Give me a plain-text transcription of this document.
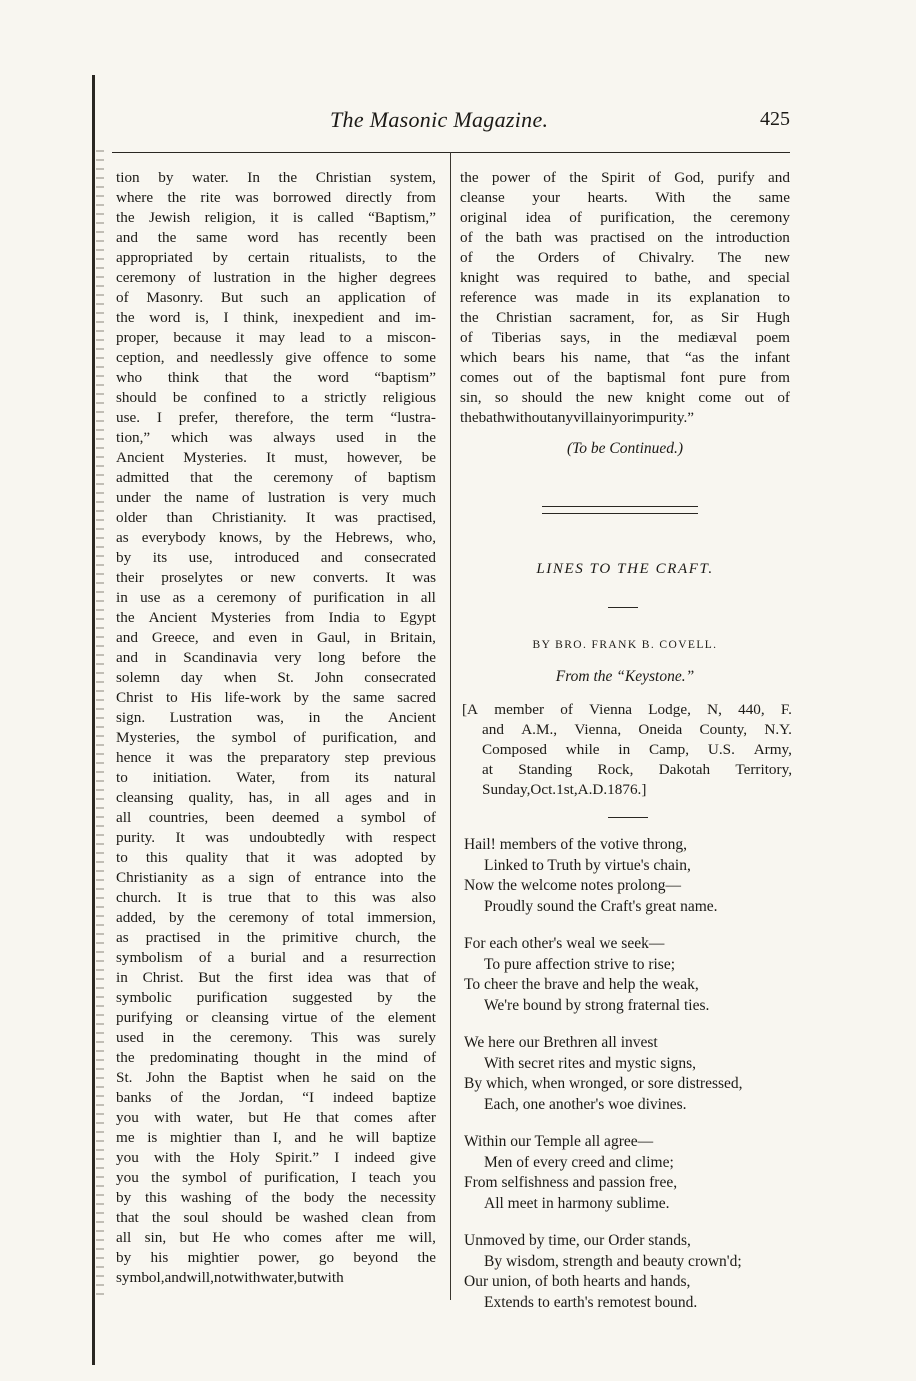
The Masonic Magazine.	425
tion by water. In the Christian system,
where the rite was borrowed directly from
the Jewish religion, it is called “Baptism,”
and the same word has recently been
appropriated by certain ritualists, to the
ceremony of lustration in the higher degrees
of Masonry. But such an application of
the word is, I think, inexpedient and im-
proper, because it may lead to a miscon-
ception, and needlessly give offence to some
who think that the word “baptism”
should be confined to a strictly religious
use. I prefer, therefore, the term “lustra-
tion,” which was always used in the
Ancient Mysteries. It must, however, be
admitted that the ceremony of baptism
under the name of lustration is very much
older than Christianity. It was practised,
as everybody knows, by the Hebrews, who,
by its use, introduced and consecrated
their proselytes or new converts. It was
in use as a ceremony of purification in all
the Ancient Mysteries from India to Egypt
and Greece, and even in Gaul, in Britain,
and in Scandinavia very long before the
solemn day when St. John consecrated
Christ to His life-work by the same sacred
sign. Lustration was, in the Ancient
Mysteries, the symbol of purification, and
hence it was the preparatory step previous
to initiation. Water, from its natural
cleansing quality, has, in all ages and in
all countries, been deemed a symbol of
purity. It was undoubtedly with respect
to this quality that it was adopted by
Christianity as a sign of entrance into the
church. It is true that to this was also
added, by the ceremony of total immersion,
as practised in the primitive church, the
symbolism of a burial and a resurrection
in Christ. But the first idea was that of
symbolic purification suggested by the
purifying or cleansing virtue of the element
used in the ceremony. This was surely
the predominating thought in the mind of
St. John the Baptist when he said on the
banks of the Jordan, “I indeed baptize
you with water, but He that comes after
me is mightier than I, and he will baptize
you with the Holy Spirit.” I indeed give
you the symbol of purification, I teach you
by this washing of the body the necessity
that the soul should be washed clean from
all sin, but He who comes after me will,
by his mightier power, go beyond the
symbol, and will, not with water, but with
the power of the Spirit of God, purify and
cleanse your hearts. With the same
original idea of purification, the ceremony
of the bath was practised on the introduction
of the Orders of Chivalry. The new
knight was required to bathe, and special
reference was made in its explanation to
the Christian sacrament, for, as Sir Hugh
of Tiberias says, in the mediæval poem
which bears his name, that “as the infant
comes out of the baptismal font pure from
sin, so should the new knight come out of
the bath without any villainy or impurity.”
(To be Continued.)
LINES TO THE CRAFT.
BY BRO. FRANK B. COVELL.
From the “Keystone.”
[A member of Vienna Lodge, N, 440, F.
and A.M., Vienna, Oneida County, N.Y.
Composed while in Camp, U.S. Army,
at Standing Rock, Dakotah Territory,
Sunday, Oct. 1st, A.D. 1876.]
Hail! members of the votive throng,
Linked to Truth by virtue's chain,
Now the welcome notes prolong—
Proudly sound the Craft's great name.
For each other's weal we seek—
To pure affection strive to rise;
To cheer the brave and help the weak,
We're bound by strong fraternal ties.
We here our Brethren all invest
With secret rites and mystic signs,
By which, when wronged, or sore distressed,
Each, one another's woe divines.
Within our Temple all agree—
Men of every creed and clime;
From selfishness and passion free,
All meet in harmony sublime.
Unmoved by time, our Order stands,
By wisdom, strength and beauty crown'd;
Our union, of both hearts and hands,
Extends to earth's remotest bound.
